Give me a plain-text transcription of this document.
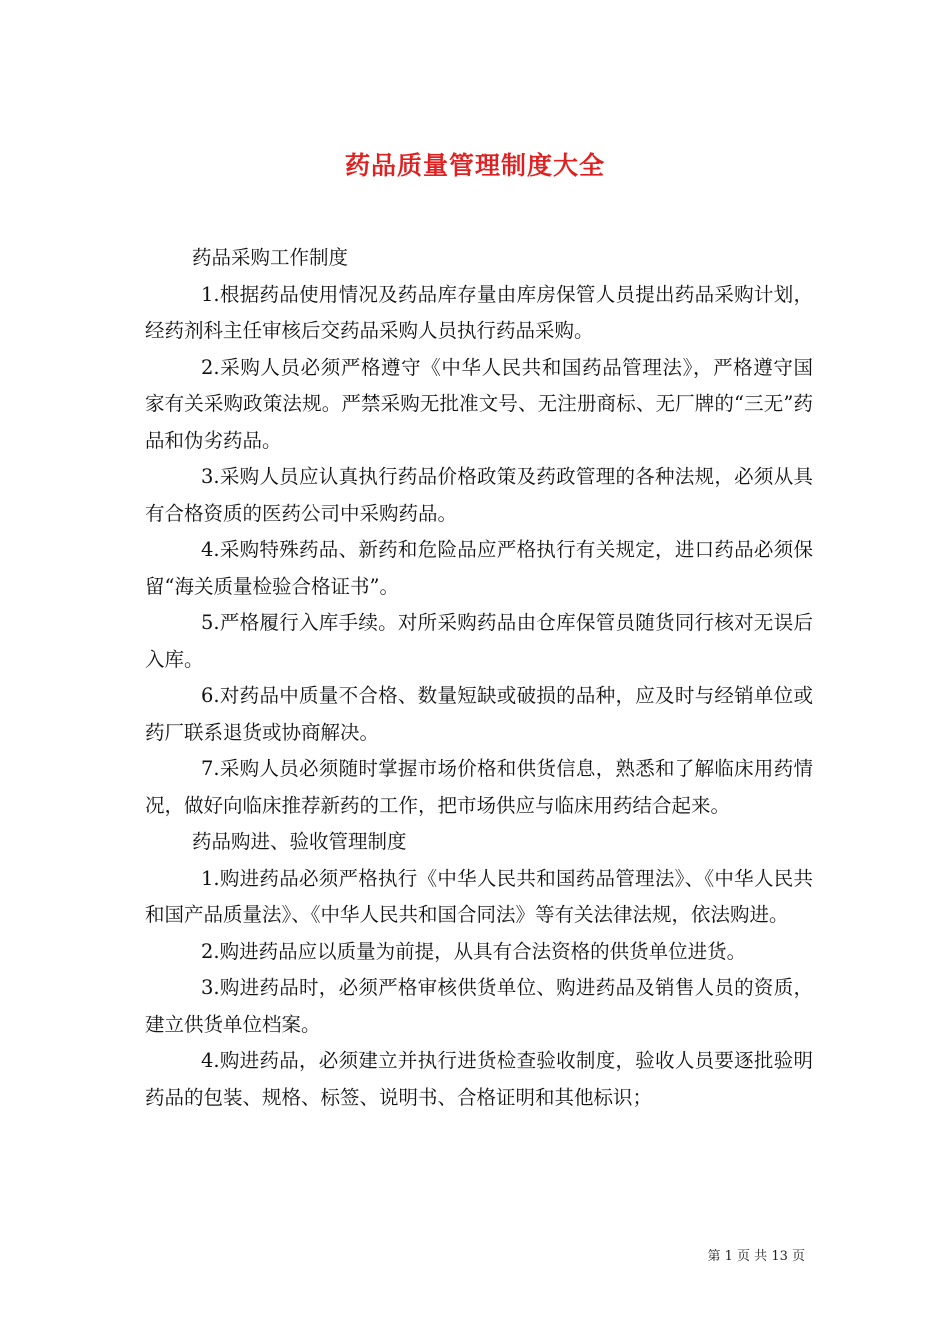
药品质量管理制度大全

药品采购工作制度

1.根据药品使用情况及药品库存量由库房保管人员提出药品采购计划，经药剂科主任审核后交药品采购人员执行药品采购。

2.采购人员必须严格遵守《中华人民共和国药品管理法》，严格遵守国家有关采购政策法规。严禁采购无批准文号、无注册商标、无厂牌的“三无”药品和伪劣药品。

3.采购人员应认真执行药品价格政策及药政管理的各种法规，必须从具有合格资质的医药公司中采购药品。

4.采购特殊药品、新药和危险品应严格执行有关规定，进口药品必须保留“海关质量检验合格证书”。

5.严格履行入库手续。对所采购药品由仓库保管员随货同行核对无误后入库。

6.对药品中质量不合格、数量短缺或破损的品种，应及时与经销单位或药厂联系退货或协商解决。

7.采购人员必须随时掌握市场价格和供货信息，熟悉和了解临床用药情况，做好向临床推荐新药的工作，把市场供应与临床用药结合起来。

药品购进、验收管理制度

1.购进药品必须严格执行《中华人民共和国药品管理法》、《中华人民共和国产品质量法》、《中华人民共和国合同法》等有关法律法规，依法购进。

2.购进药品应以质量为前提，从具有合法资格的供货单位进货。

3.购进药品时，必须严格审核供货单位、购进药品及销售人员的资质，建立供货单位档案。

4.购进药品，必须建立并执行进货检查验收制度，验收人员要逐批验明药品的包装、规格、标签、说明书、合格证明和其他标识；

第 1 页 共 13 页
